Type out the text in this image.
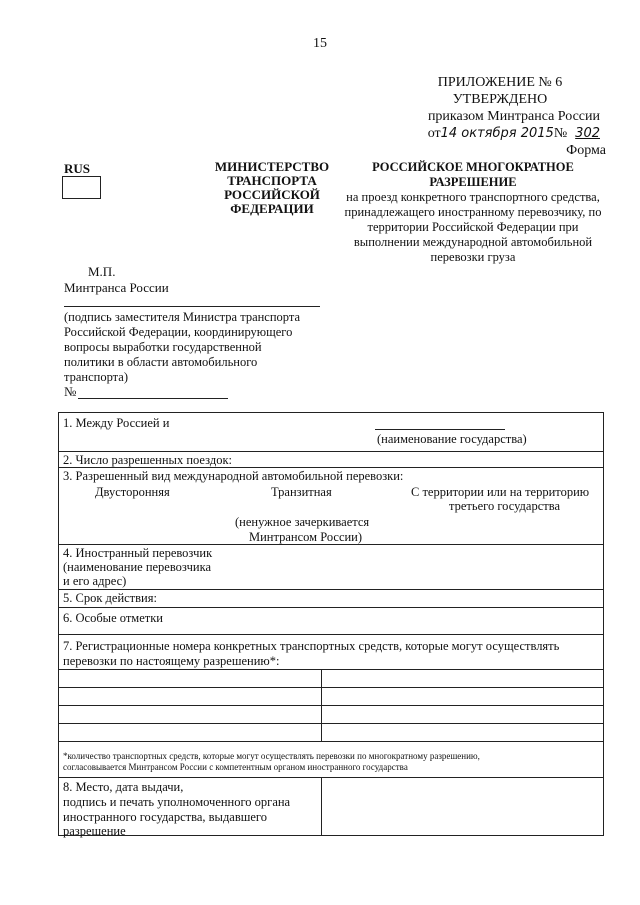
15
ПРИЛОЖЕНИЕ № 6
УТВЕРЖДЕНО
приказом Минтранса России
от14 октября 2015№ 302
Форма
RUS	МИНИСТЕРСТВО
ТРАНСПОРТА
РОССИЙСКОЙ
ФЕДЕРАЦИИ
РОССИЙСКОЕ МНОГОКРАТНОЕ
РАЗРЕШЕНИЕ
на проезд конкретного транспортного средства,
принадлежащего иностранному перевозчику, по
территории Российской Федерации при
выполнении международной автомобильной
перевозки груза
М.П.
Минтранса России
(подпись заместителя Министра транспорта
Российской Федерации, координирующего
вопросы выработки государственной
политики в области автомобильного
транспорта)
№
1. Между Россией и
(наименование государства)
2. Число разрешенных поездок:
3. Разрешенный вид международной автомобильной перевозки:
Двусторонняя	Транзитная	С территории или на территорию
третьего государства
(ненужное зачеркивается
Минтрансом России)
4. Иностранный перевозчик
(наименование перевозчика
и его адрес)
5. Срок действия:
6. Особые отметки
7. Регистрационные номера конкретных транспортных средств, которые могут осуществлять
перевозки по настоящему разрешению*:
*количество транспортных средств, которые могут осуществлять перевозки по многократному разрешению,
согласовывается Минтрансом России с компетентным органом иностранного государства
8. Место, дата выдачи,
подпись и печать уполномоченного органа
иностранного государства, выдавшего
разрешение
